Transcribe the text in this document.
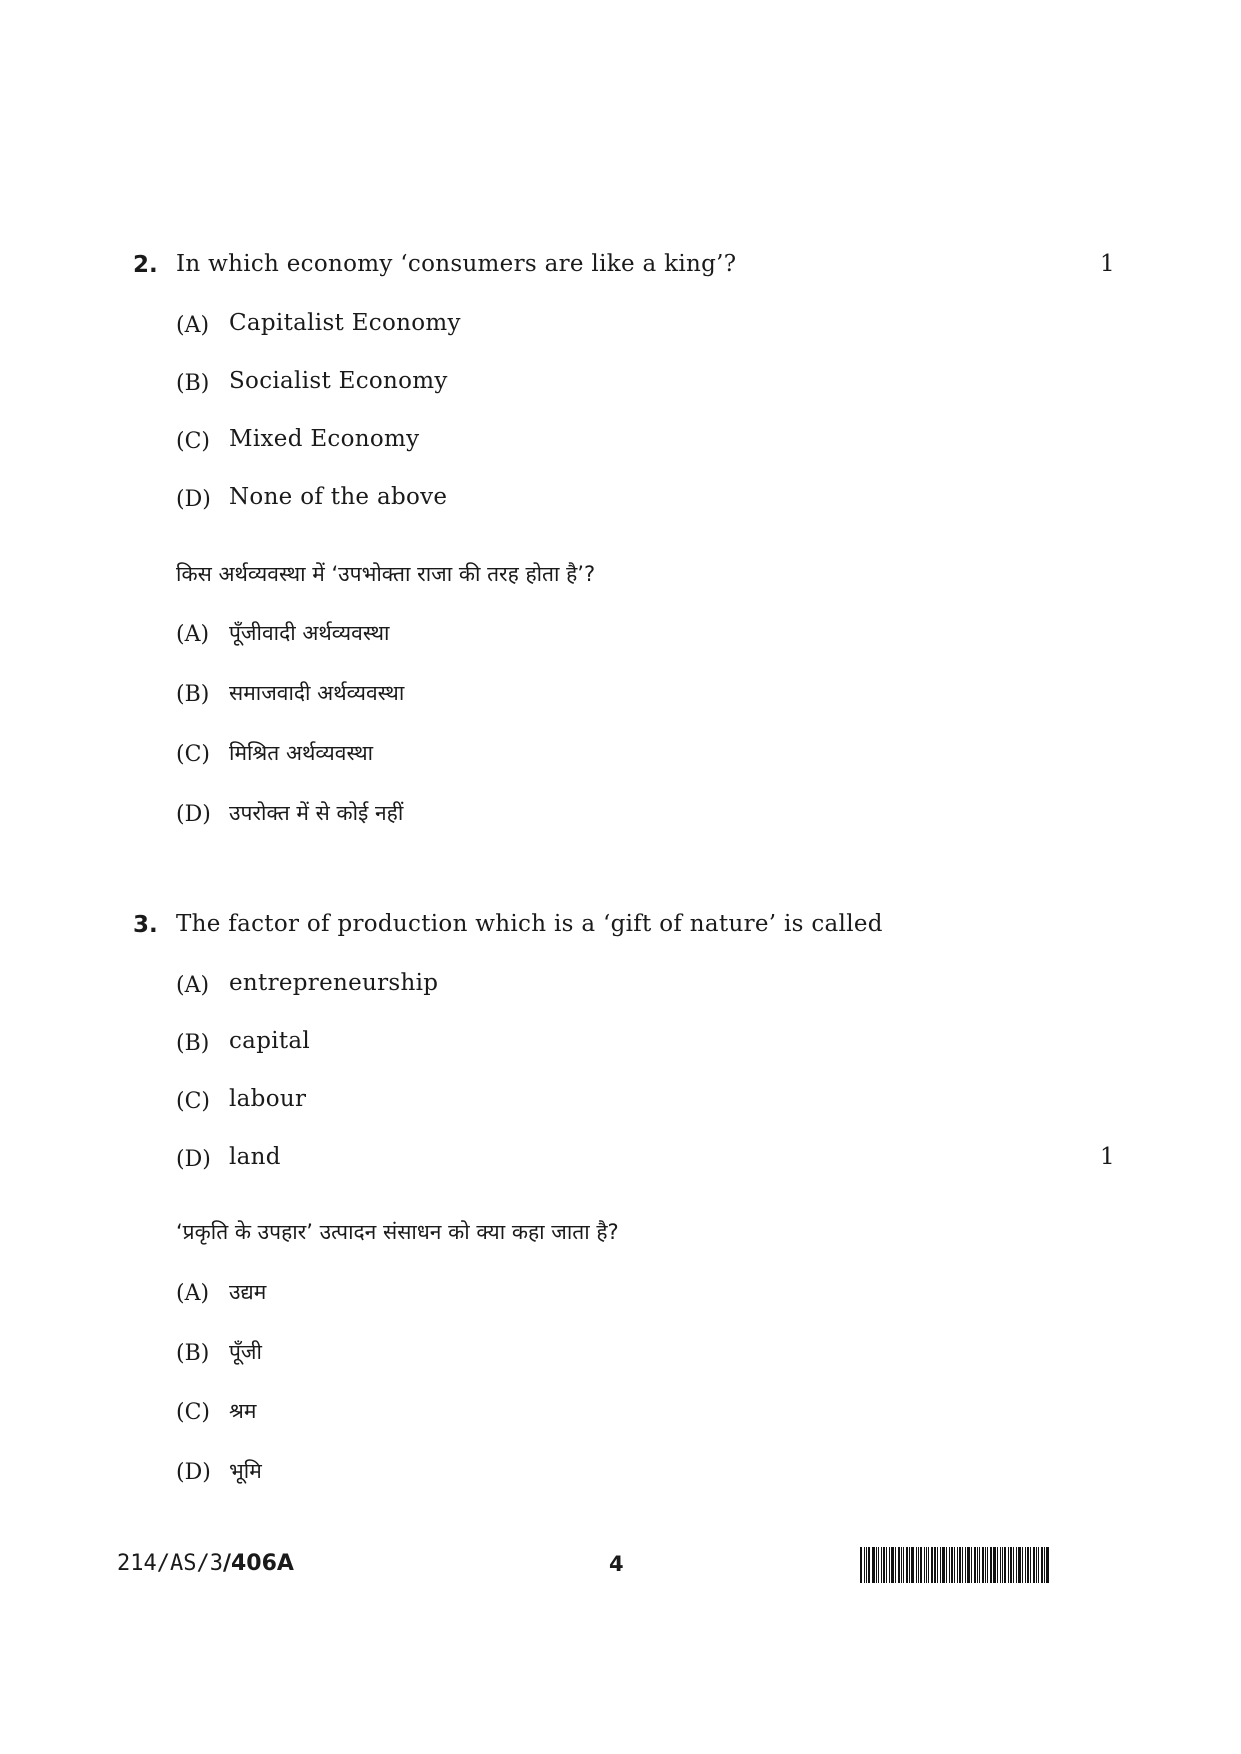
2. In which economy ‘consumers are like a king’?	1
(A) Capitalist Economy
(B) Socialist Economy
(C) Mixed Economy
(D) None of the above
किस अर्थव्यवस्था में ‘उपभोक्ता राजा की तरह होता है’?
(A) पूँजीवादी अर्थव्यवस्था
(B) समाजवादी अर्थव्यवस्था
(C) मिश्रित अर्थव्यवस्था
(D) उपरोक्त में से कोई नहीं
3. The factor of production which is a ‘gift of nature’ is called
(A) entrepreneurship
(B) capital
(C) labour
(D) land	1
‘प्रकृति के उपहार’ उत्पादन संसाधन को क्या कहा जाता है?
(A) उद्यम
(B) पूँजी
(C) श्रम
(D) भूमि
214/AS/3/406A	4
